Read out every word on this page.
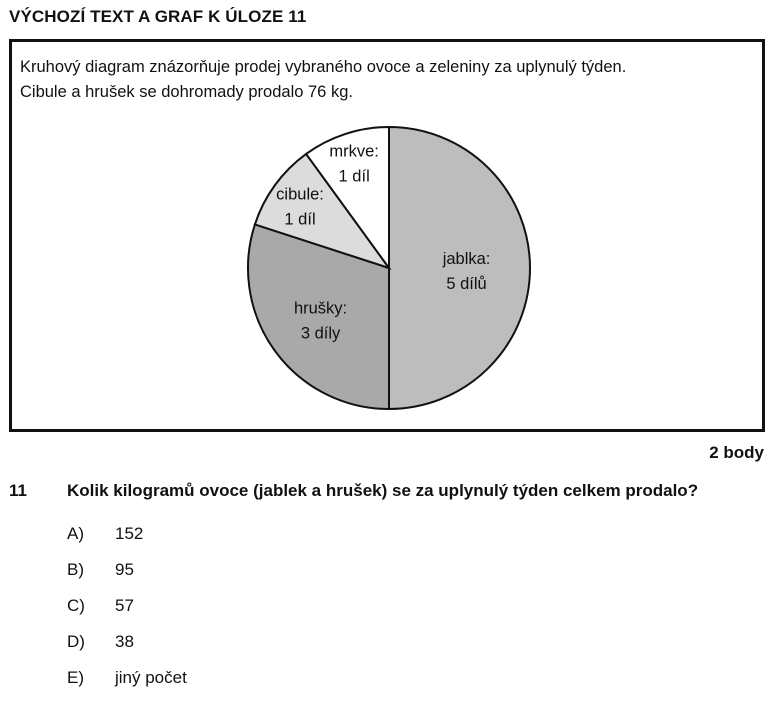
VÝCHOZÍ TEXT A GRAF K ÚLOZE 11
Kruhový diagram znázorňuje prodej vybraného ovoce a zeleniny za uplynulý týden.
Cibule a hrušek se dohromady prodalo 76 kg.
jablka:
5 dílů
hrušky:
3 díly
cibule:
1 díl
mrkve:
1 díl
2 body
11 Kolik kilogramů ovoce (jablek a hrušek) se za uplynulý týden celkem prodalo?
A)	152
B)	95
C)	57
D)	38
E)	jiný počet
